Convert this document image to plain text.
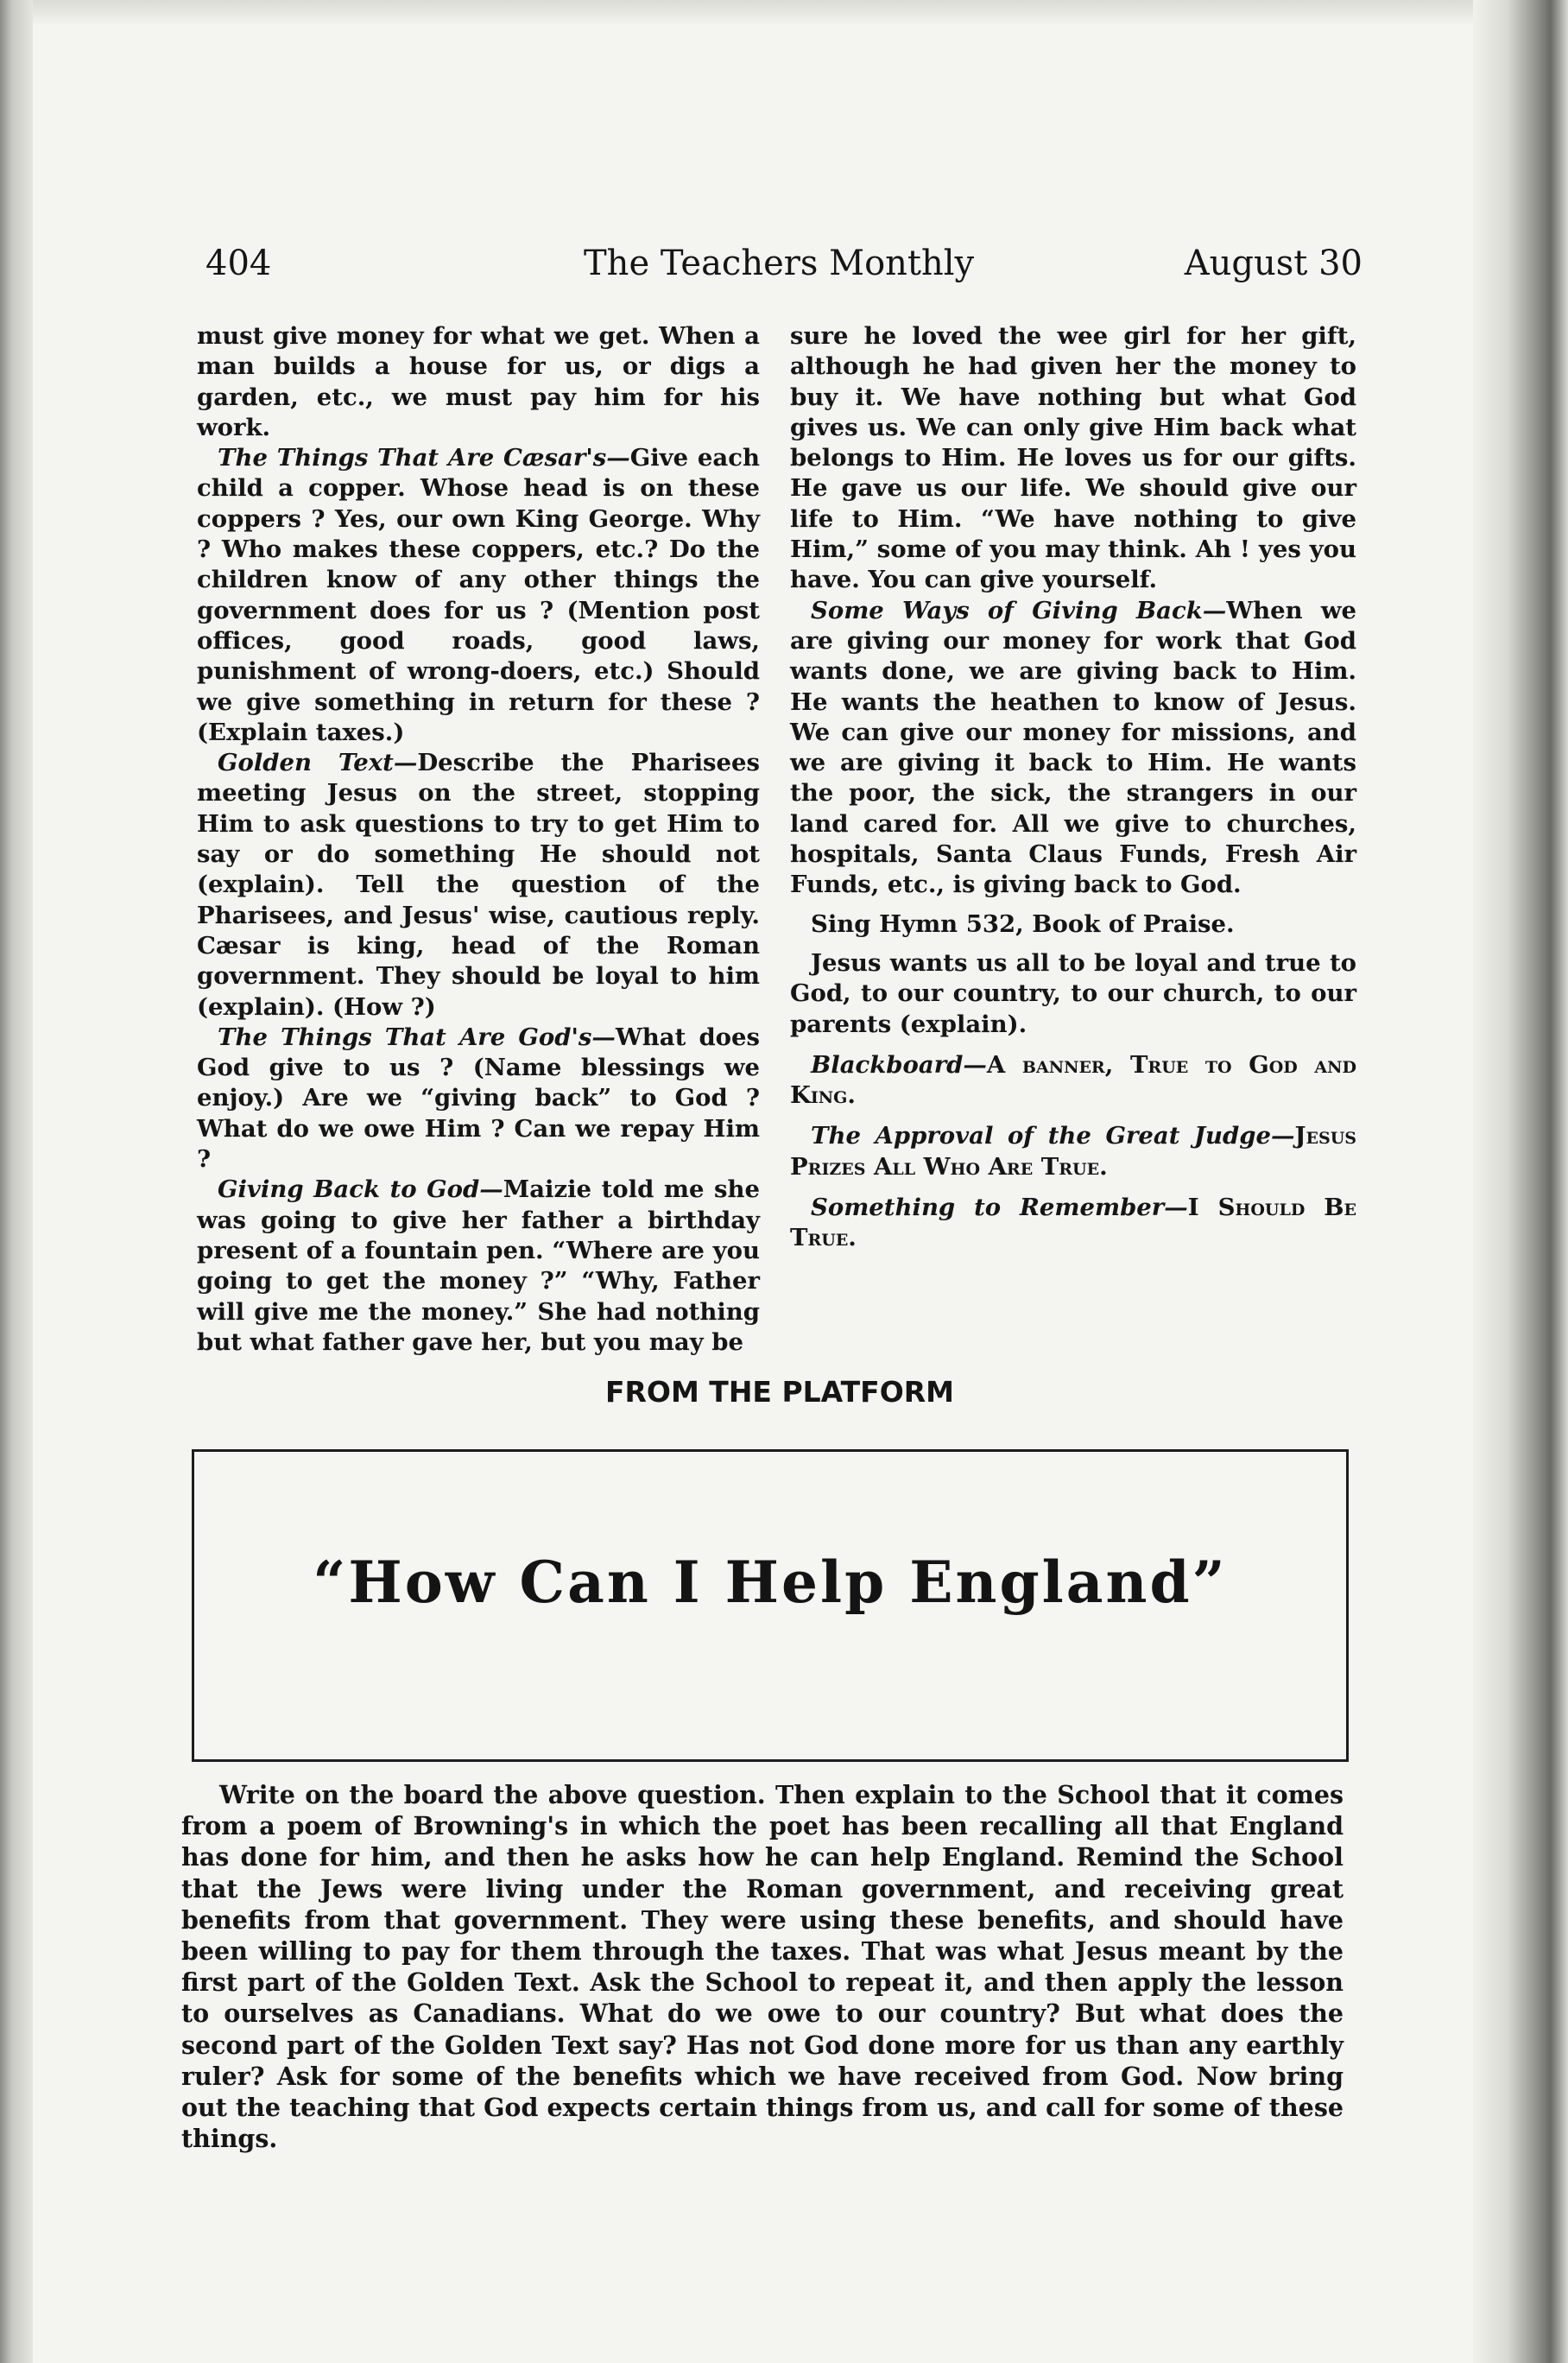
404	The Teachers Monthly	August 30

must give money for what we get. When a man builds a house for us, or digs a garden, etc., we must pay him for his work.

The Things That Are Cæsar's—Give each child a copper. Whose head is on these coppers ? Yes, our own King George. Why ? Who makes these coppers, etc.? Do the children know of any other things the government does for us ? (Mention post offices, good roads, good laws, punishment of wrong-doers, etc.) Should we give something in return for these ? (Explain taxes.)

Golden Text—Describe the Pharisees meeting Jesus on the street, stopping Him to ask questions to try to get Him to say or do something He should not (explain). Tell the question of the Pharisees, and Jesus' wise, cautious reply. Cæsar is king, head of the Roman government. They should be loyal to him (explain). (How ?)

The Things That Are God's—What does God give to us ? (Name blessings we enjoy.) Are we “giving back” to God ? What do we owe Him ? Can we repay Him ?

Giving Back to God—Maizie told me she was going to give her father a birthday present of a fountain pen. “Where are you going to get the money ?” “Why, Father will give me the money.” She had nothing but what father gave her, but you may be

sure he loved the wee girl for her gift, although he had given her the money to buy it. We have nothing but what God gives us. We can only give Him back what belongs to Him. He loves us for our gifts. He gave us our life. We should give our life to Him. “We have nothing to give Him,” some of you may think. Ah ! yes you have. You can give yourself.

Some Ways of Giving Back—When we are giving our money for work that God wants done, we are giving back to Him. He wants the heathen to know of Jesus. We can give our money for missions, and we are giving it back to Him. He wants the poor, the sick, the strangers in our land cared for. All we give to churches, hospitals, Santa Claus Funds, Fresh Air Funds, etc., is giving back to God.

Sing Hymn 532, Book of Praise.

Jesus wants us all to be loyal and true to God, to our country, to our church, to our parents (explain).

Blackboard—A banner, True to God and King.

The Approval of the Great Judge—Jesus Prizes All Who Are True.

Something to Remember—I Should Be True.

FROM THE PLATFORM
“How Can I Help England”

Write on the board the above question. Then explain to the School that it comes from a poem of Browning's in which the poet has been recalling all that England has done for him, and then he asks how he can help England. Remind the School that the Jews were living under the Roman government, and receiving great benefits from that government. They were using these benefits, and should have been willing to pay for them through the taxes. That was what Jesus meant by the first part of the Golden Text. Ask the School to repeat it, and then apply the lesson to ourselves as Canadians. What do we owe to our country? But what does the second part of the Golden Text say? Has not God done more for us than any earthly ruler? Ask for some of the benefits which we have received from God. Now bring out the teaching that God expects certain things from us, and call for some of these things.
